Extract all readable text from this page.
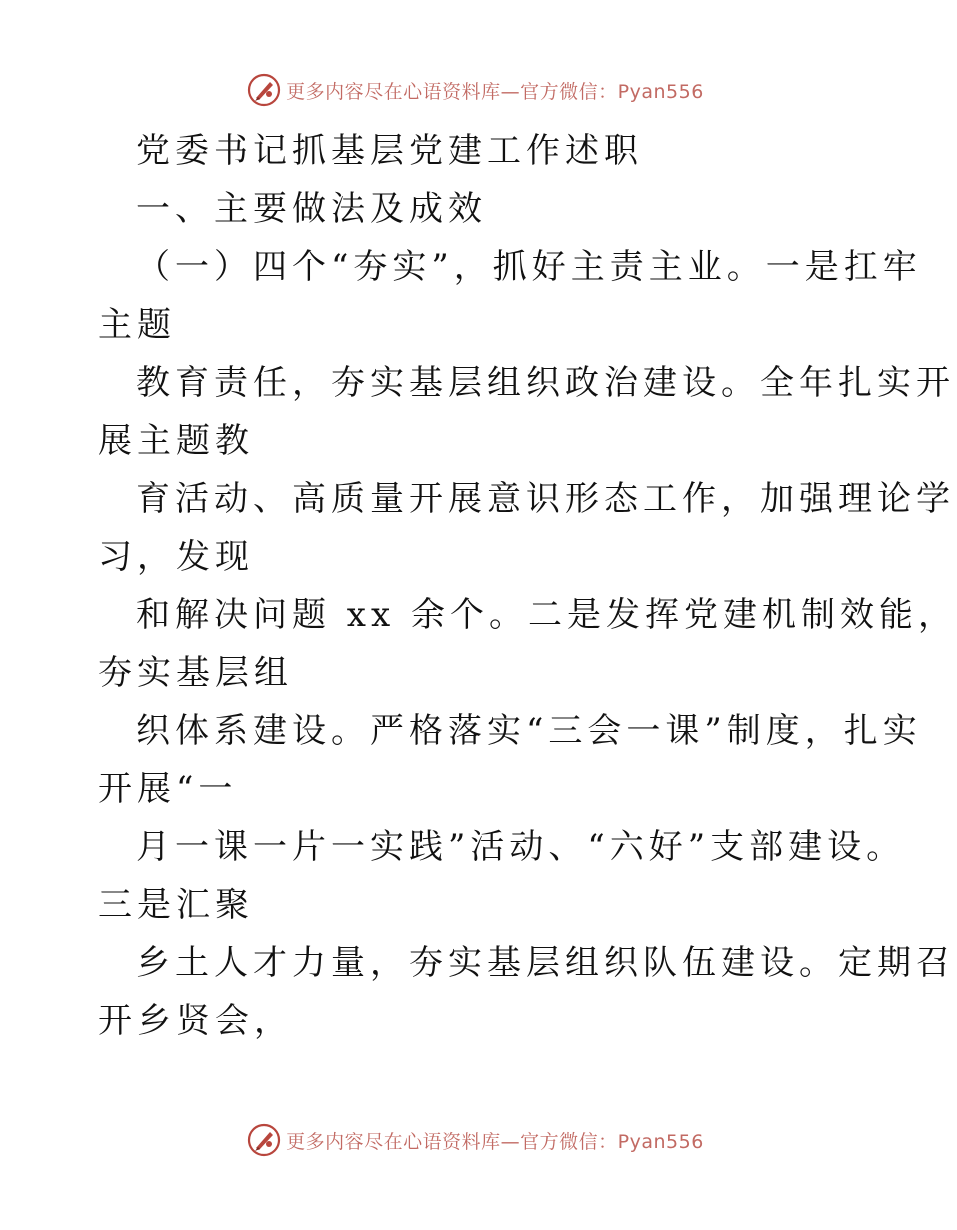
更多内容尽在心语资料库—官方微信：Pyan556
党委书记抓基层党建工作述职
一、主要做法及成效
（一）四个“夯实”，抓好主责主业。一是扛牢
主题
教育责任，夯实基层组织政治建设。全年扎实开
展主题教
育活动、高质量开展意识形态工作，加强理论学
习，发现
和解决问题 xx 余个。二是发挥党建机制效能，
夯实基层组
织体系建设。严格落实“三会一课”制度，扎实
开展“一
月一课一片一实践”活动、“六好”支部建设。
三是汇聚
乡土人才力量，夯实基层组织队伍建设。定期召
开乡贤会，
更多内容尽在心语资料库—官方微信：Pyan556
